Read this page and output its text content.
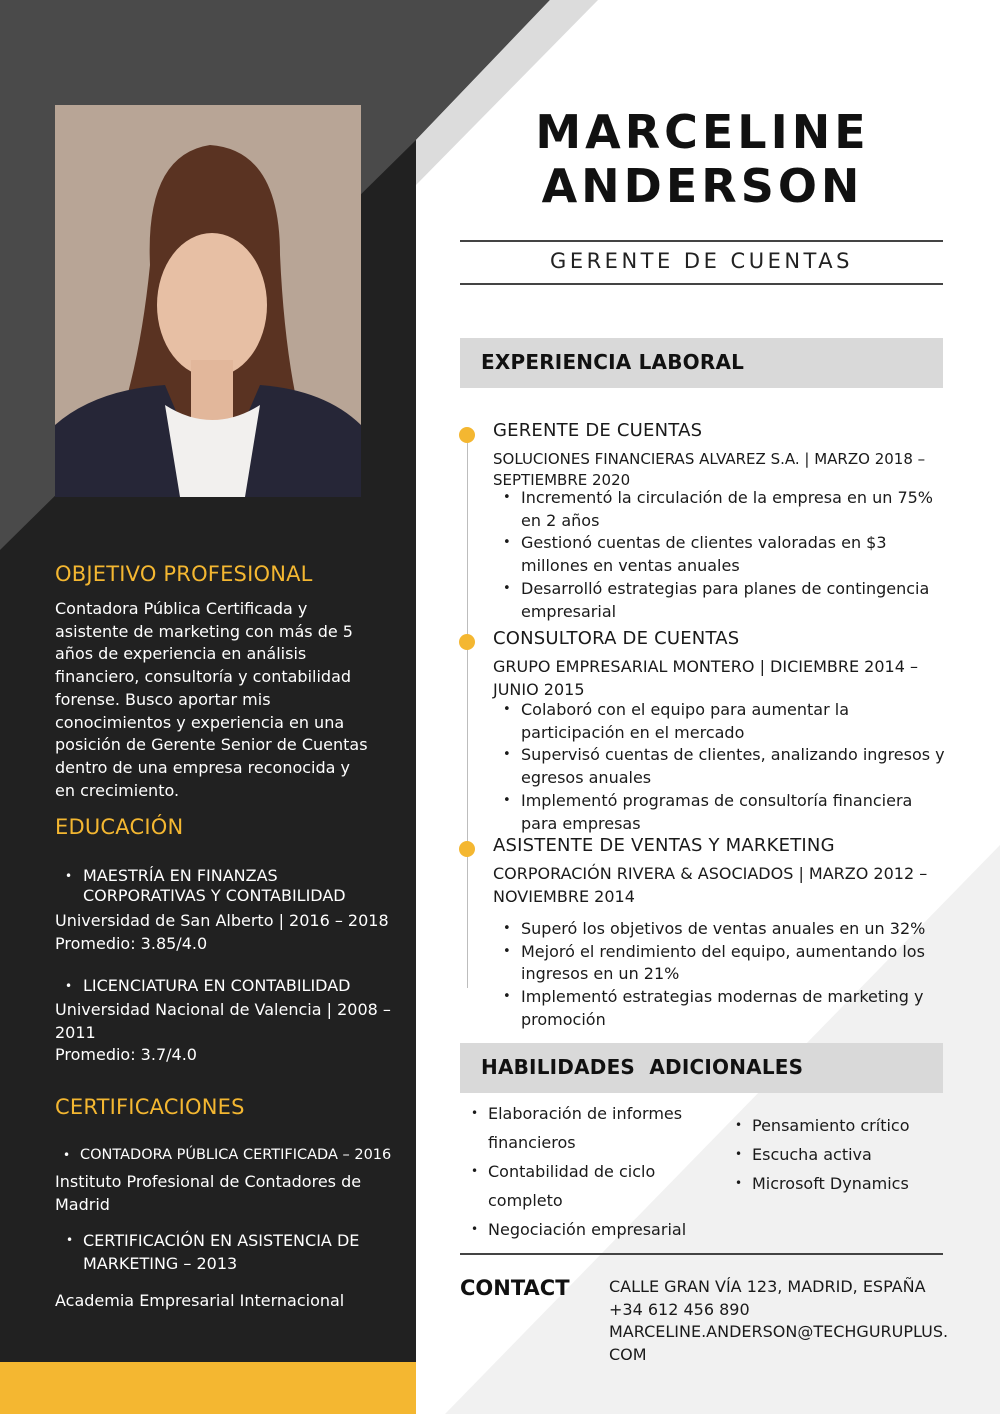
OBJETIVO PROFESIONAL
Contadora Pública Certificada y asistente de marketing con más de 5 años de experiencia en análisis financiero, consultoría y contabilidad forense. Busco aportar mis conocimientos y experiencia en una posición de Gerente Senior de Cuentas dentro de una empresa reconocida y en crecimiento.
EDUCACIÓN
• MAESTRÍA EN FINANZAS CORPORATIVAS Y CONTABILIDAD
Universidad de San Alberto | 2016 – 2018
Promedio: 3.85/4.0
• LICENCIATURA EN CONTABILIDAD
Universidad Nacional de Valencia | 2008 – 2011
Promedio: 3.7/4.0
CERTIFICACIONES
• CONTADORA PÚBLICA CERTIFICADA – 2016
Instituto Profesional de Contadores de Madrid
• CERTIFICACIÓN EN ASISTENCIA DE MARKETING – 2013
Academia Empresarial Internacional
MARCELINE
ANDERSON
GERENTE DE CUENTAS
EXPERIENCIA LABORAL
GERENTE DE CUENTAS
SOLUCIONES FINANCIERAS ALVAREZ S.A. | MARZO 2018 – SEPTIEMBRE 2020
• Incrementó la circulación de la empresa en un 75% en 2 años
• Gestionó cuentas de clientes valoradas en $3 millones en ventas anuales
• Desarrolló estrategias para planes de contingencia empresarial
CONSULTORA DE CUENTAS
GRUPO EMPRESARIAL MONTERO | DICIEMBRE 2014 – JUNIO 2015
• Colaboró con el equipo para aumentar la participación en el mercado
• Supervisó cuentas de clientes, analizando ingresos y egresos anuales
• Implementó programas de consultoría financiera para empresas
ASISTENTE DE VENTAS Y MARKETING
CORPORACIÓN RIVERA & ASOCIADOS | MARZO 2012 – NOVIEMBRE 2014
• Superó los objetivos de ventas anuales en un 32%
• Mejoró el rendimiento del equipo, aumentando los ingresos en un 21%
• Implementó estrategias modernas de marketing y promoción
HABILIDADES  ADICIONALES
• Elaboración de informes financieros
• Contabilidad de ciclo completo
• Negociación empresarial
• Pensamiento crítico
• Escucha activa
• Microsoft Dynamics
CONTACT CALLE GRAN VÍA 123, MADRID, ESPAÑA
+34 612 456 890
MARCELINE.ANDERSON@TECHGURUPLUS.COM
